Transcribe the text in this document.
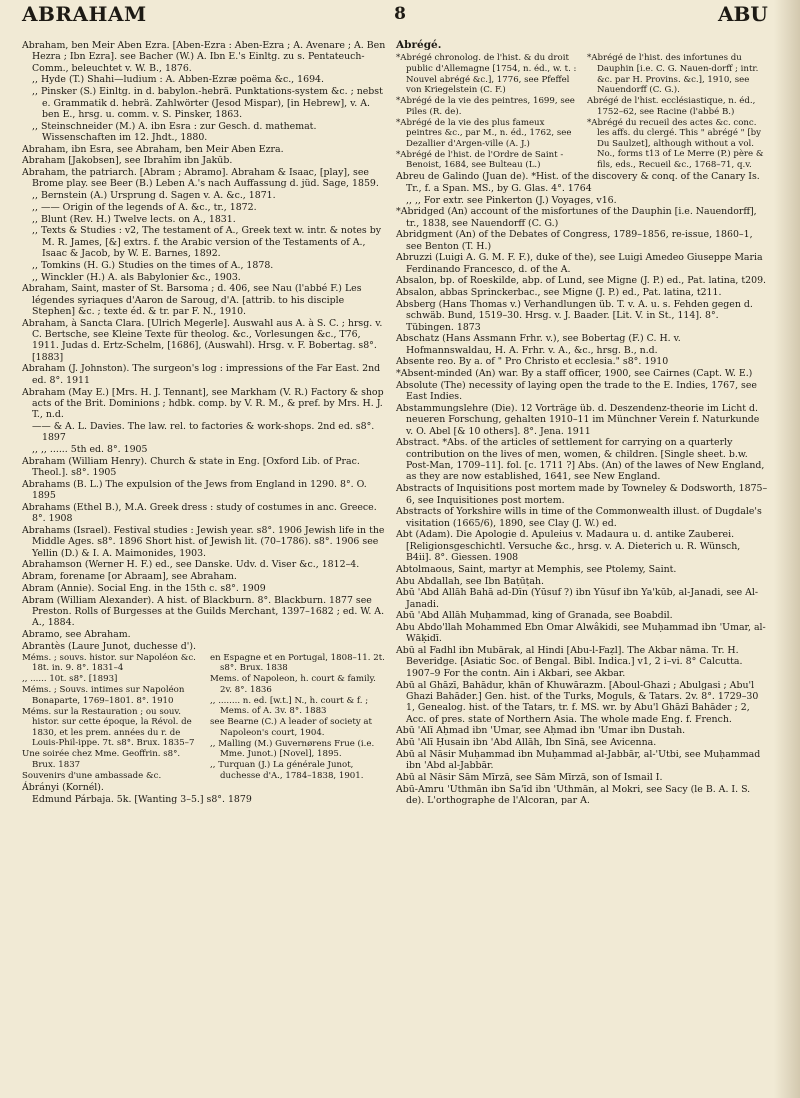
ABRAHAM	8	ABU
Abraham, ben Meir Aben Ezra. [Aben-Ezra : Aben-Ezra ; A. Avenare ; A. Ben Hezra ; Ibn Ezra]. see Bacher (W.) A. Ibn E.'s Einltg. zu s. Pentateuch-Comm., beleuchtet v. W. B., 1876.
,, Hyde (T.) Shahi—ludium : A. Abben-Ezræ poëma &c., 1694.
,, Pinsker (S.) Einltg. in d. babylon.-hebrä. Punktations-system &c. ; nebst e. Grammatik d. hebrä. Zahlwörter (Jesod Mispar), [in Hebrew], v. A. ben E., hrsg. u. comm. v. S. Pinsker, 1863.
,, Steinschneider (M.) A. ibn Esra : zur Gesch. d. mathemat. Wissenschaften im 12. Jhdt., 1880.
Abraham, ibn Esra, see Abraham, ben Meir Aben Ezra.
Abraham [Jakobsen], see Ibrahīm ibn Jakūb.
Abraham, the patriarch. [Abram ; Abramo]. Abraham & Isaac, [play], see Brome play. see Beer (B.) Leben A.'s nach Auffassung d. jüd. Sage, 1859.
,, Bernstein (A.) Ursprung d. Sagen v. A. &c., 1871.
,, —— Origin of the legends of A. &c., tr., 1872.
,, Blunt (Rev. H.) Twelve lects. on A., 1831.
,, Texts & Studies : v2, The testament of A., Greek text w. intr. & notes by M. R. James, [&] extrs. f. the Arabic version of the Testaments of A., Isaac & Jacob, by W. E. Barnes, 1892.
,, Tomkins (H. G.) Studies on the times of A., 1878.
,, Winckler (H.) A. als Babylonier &c., 1903.
Abraham, Saint, master of St. Barsoma ; d. 406, see Nau (l'abbé F.) Les légendes syriaques d'Aaron de Saroug, d'A. [attrib. to his disciple Stephen] &c. ; texte éd. & tr. par F. N., 1910.
Abraham, à Sancta Clara. [Ulrich Megerle]. Auswahl aus A. à S. C. ; hrsg. v. C. Bertsche, see Kleine Texte für theolog. &c., Vorlesungen &c., T76, 1911. Judas d. Ertz-Schelm, [1686], (Auswahl). Hrsg. v. F. Bobertag. s8°. [1883]
Abraham (J. Johnston). The surgeon's log : impressions of the Far East. 2nd ed. 8°. 1911
Abraham (May E.) [Mrs. H. J. Tennant], see Markham (V. R.) Factory & shop acts of the Brit. Dominions ; hdbk. comp. by V. R. M., & pref. by Mrs. H. J. T., n.d.
—— & A. L. Davies. The law. rel. to factories & work-shops. 2nd ed. s8°. 1897
,, ,, ...... 5th ed. 8°. 1905
Abraham (William Henry). Church & state in Eng. [Oxford Lib. of Prac. Theol.]. s8°. 1905
Abrahams (B. L.) The expulsion of the Jews from England in 1290. 8°. O. 1895
Abrahams (Ethel B.), M.A. Greek dress : study of costumes in anc. Greece. 8°. 1908
Abrahams (Israel). Festival studies : Jewish year. s8°. 1906 Jewish life in the Middle Ages. s8°. 1896 Short hist. of Jewish lit. (70–1786). s8°. 1906 see Yellin (D.) & I. A. Maimonides, 1903.
Abrahamson (Werner H. F.) ed., see Danske. Udv. d. Viser &c., 1812–4.
Abram, forename [or Abraam], see Abraham.
Abram (Annie). Social Eng. in the 15th c. s8°. 1909
Abram (William Alexander). A hist. of Blackburn. 8°. Blackburn. 1877 see Preston. Rolls of Burgesses at the Guilds Merchant, 1397–1682 ; ed. W. A. A., 1884.
Abramo, see Abraham.
Abrantès (Laure Junot, duchesse d').
Méms. ; souvs. histor. sur Napoléon &c. 18t. in. 9. 8°. 1831–4
,, ...... 10t. s8°. [1893]
Méms. ; Souvs. intimes sur Napoléon Bonaparte, 1769–1801. 8°. 1910
Méms. sur la Restauration ; ou souv. histor. sur cette époque, la Révol. de 1830, et les prem. années du r. de Louis-Phil-ippe. 7t. s8°. Brux. 1835–7
Une soirée chez Mme. Geoffrin. s8°. Brux. 1837
Souvenirs d'une ambassade &c.
en Espagne et en Portugal, 1808–11. 2t. s8°. Brux. 1838
Mems. of Napoleon, h. court & family. 2v. 8°. 1836
,, ........ n. ed. [w.t.] N., h. court & f. ; Mems. of A. 3v. 8°. 1883
see Bearne (C.) A leader of society at Napoleon's court, 1904.
,, Malling (M.) Guvernørens Frue (i.e. Mme. Junot.) [Novel], 1895.
,, Turquan (J.) La générale Junot, duchesse d'A., 1784–1838, 1901.
Ábrányi (Kornél).
Edmund Párbaja. 5k. [Wanting 3–5.] s8°. 1879
Abrégé.
*Abrégé chronolog. de l'hist. & du droit public d'Allemagne [1754, n. éd., w. t. : Nouvel abrégé &c.], 1776, see Pfeffel von Kriegelstein (C. F.)
*Abrégé de la vie des peintres, 1699, see Piles (R. de).
*Abrégé de la vie des plus fameux peintres &c., par M., n. éd., 1762, see Dezallier d'Argen-ville (A. J.)
*Abrégé de l'hist. de l'Ordre de Saint - Benoist, 1684, see Bulteau (L.)
*Abrégé de l'hist. des infortunes du Dauphin [i.e. C. G. Nauen-dorff ; intr. &c. par H. Provins. &c.], 1910, see Nauendorff (C. G.).
Abrégé de l'hist. ecclésiastique, n. éd., 1752–62, see Racine (l'abbé B.)
*Abrégé du recueil des actes &c. conc. les affs. du clergé. This " abrégé " [by Du Saulzet], although without a vol. No., forms t13 of Le Merre (P.) père & fils, eds., Recueil &c., 1768–71, q.v.
Abreu de Galindo (Juan de). *Hist. of the discovery & conq. of the Canary Is. Tr., f. a Span. MS., by G. Glas. 4°. 1764
,, ,, For extr. see Pinkerton (J.) Voyages, v16.
*Abridged (An) account of the misfortunes of the Dauphin [i.e. Nauendorff], tr., 1838, see Nauendorff (C. G.)
Abridgment (An) of the Debates of Congress, 1789–1856, re-issue, 1860–1, see Benton (T. H.)
Abruzzi (Luigi A. G. M. F. F.), duke of the), see Luigi Amedeo Giuseppe Maria Ferdinando Francesco, d. of the A.
Absalon, bp. of Roeskilde, abp. of Lund, see Migne (J. P.) ed., Pat. latina, t209.
Absalon, abbas Sprinckerbac., see Migne (J. P.) ed., Pat. latina, t211.
Absberg (Hans Thomas v.) Verhandlungen üb. T. v. A. u. s. Fehden gegen d. schwäb. Bund, 1519–30. Hrsg. v. J. Baader. [Lit. V. in St., 114]. 8°. Tübingen. 1873
Abschatz (Hans Assmann Frhr. v.), see Bobertag (F.) C. H. v. Hofmannswaldau, H. A. Frhr. v. A., &c., hrsg. B., n.d.
Absente reo. By a. of " Pro Christo et ecclesia." s8°. 1910
*Absent-minded (An) war. By a staff officer, 1900, see Cairnes (Capt. W. E.)
Absolute (The) necessity of laying open the trade to the E. Indies, 1767, see East Indies.
Abstammungslehre (Die). 12 Vorträge üb. d. Deszendenz-theorie im Licht d. neueren Forschung, gehalten 1910–11 im Münchner Verein f. Naturkunde v. O. Abel [& 10 others]. 8°. Jena. 1911
Abstract. *Abs. of the articles of settlement for carrying on a quarterly contribution on the lives of men, women, & children. [Single sheet. b.w. Post-Man, 1709–11]. fol. [c. 1711 ?] Abs. (An) of the lawes of New England, as they are now established, 1641, see New England.
Abstracts of Inquisitions post mortem made by Towneley & Dodsworth, 1875–6, see Inquisitiones post mortem.
Abstracts of Yorkshire wills in time of the Commonwealth illust. of Dugdale's visitation (1665/6), 1890, see Clay (J. W.) ed.
Abt (Adam). Die Apologie d. Apuleius v. Madaura u. d. antike Zauberei. [Religionsgeschichtl. Versuche &c., hrsg. v. A. Dieterich u. R. Wünsch, B4ii]. 8°. Giessen. 1908
Abtolmaous, Saint, martyr at Memphis, see Ptolemy, Saint.
Abu Abdallah, see Ibn Baṭūṭah.
Abū 'Abd Allāh Bahā ad-Dīn (Yūsuf ?) ibn Yūsuf ibn Ya'kūb, al-Janadi, see Al-Janadi.
Abū 'Abd Allāh Muḥammad, king of Granada, see Boabdil.
Abu Abdo'llah Mohammed Ebn Omar Alwâkidi, see Muḥammad ibn 'Umar, al-Wāḳidī.
Abū al Fadhl ibn Mubārak, al Hindi [Abu-l-Faẓl]. The Akbar nāma. Tr. H. Beveridge. [Asiatic Soc. of Bengal. Bibl. Indica.] v1, 2 i–vi. 8° Calcutta. 1907–9 For the contn. Ain i Akbari, see Akbar.
Abū al Ghāzī, Bahādur, khān of Khuwārazm. [Aboul-Ghazi ; Abulgasi ; Abu'l Ghazi Bahāder.] Gen. hist. of the Turks, Moguls, & Tatars. 2v. 8°. 1729–30 1, Genealog. hist. of the Tatars, tr. f. MS. wr. by Abu'l Ghāzī Bahāder ; 2, Acc. of pres. state of Northern Asia. The whole made Eng. f. French.
Abū 'Alī Aḥmad ibn 'Umar, see Aḥmad ibn 'Umar ibn Dustah.
Abū 'Alī Ḥusain ibn 'Abd Allāh, Ibn Sīnā, see Avicenna.
Abū al Nāsir Muḥammad ibn Muḥammad al-Jabbār, al-'Utbi, see Muḥammad ibn 'Abd al-Jabbār.
Abū al Nāsir Sām Mīrzā, see Sām Mīrzā, son of Ismail I.
Abū-Amru 'Uthmān ibn Sa'īd ibn 'Uthmān, al Mokri, see Sacy (le B. A. I. S. de). L'orthographe de l'Alcoran, par A.
